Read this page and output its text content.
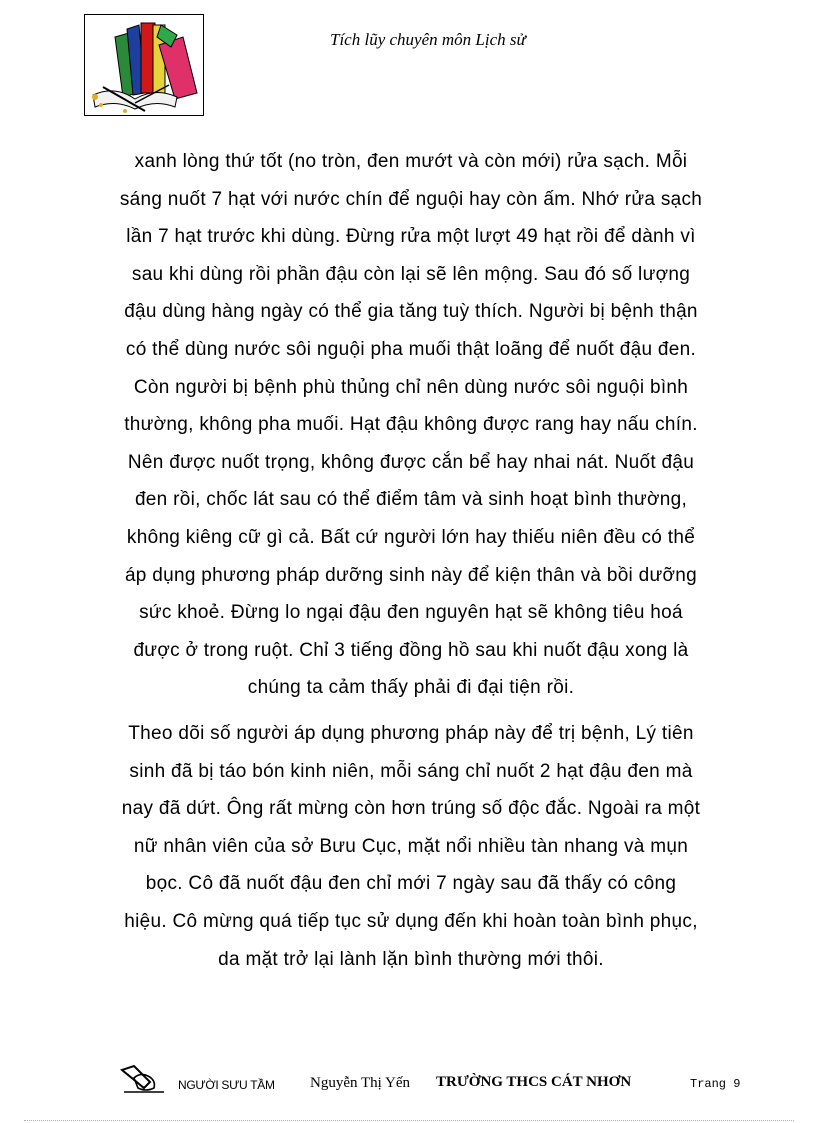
Tích lũy chuyên môn Lịch sử
xanh lòng thứ tốt (no tròn, đen mướt và còn mới) rửa sạch. Mỗi
sáng nuốt 7 hạt với nước chín để nguội hay còn ấm. Nhớ rửa sạch
lần 7 hạt trước khi dùng. Đừng rửa một lượt 49 hạt rồi để dành vì
sau khi dùng rồi phần đậu còn lại sẽ lên mộng. Sau đó số lượng
đậu dùng hàng ngày có thể gia tăng tuỳ thích. Người bị bệnh thận
có thể dùng nước sôi nguội pha muối thật loãng để nuốt đậu đen.
Còn người bị bệnh phù thủng chỉ nên dùng nước sôi nguội bình
thường, không pha muối. Hạt đậu không được rang hay nấu chín.
Nên được nuốt trọng, không được cắn bể hay nhai nát. Nuốt đậu
đen rồi, chốc lát sau có thể điểm tâm và sinh hoạt bình thường,
không kiêng cữ gì cả. Bất cứ người lớn hay thiếu niên đều có thể
áp dụng phương pháp dưỡng sinh này để kiện thân và bồi dưỡng
sức khoẻ. Đừng lo ngại đậu đen nguyên hạt sẽ không tiêu hoá
được ở trong ruột. Chỉ 3 tiếng đồng hồ sau khi nuốt đậu xong là
chúng ta cảm thấy phải đi đại tiện rồi.
Theo dõi số người áp dụng phương pháp này để trị bệnh, Lý tiên
sinh đã bị táo bón kinh niên, mỗi sáng chỉ nuốt 2 hạt đậu đen mà
nay đã dứt. Ông rất mừng còn hơn trúng số độc đắc. Ngoài ra một
nữ nhân viên của sở Bưu Cục, mặt nổi nhiều tàn nhang và mụn
bọc. Cô đã nuốt đậu đen chỉ mới 7 ngày sau đã thấy có công
hiệu. Cô mừng quá tiếp tục sử dụng đến khi hoàn toàn bình phục,
da mặt trở lại lành lặn bình thường mới thôi.
NGƯỜI SƯU TẦM Nguyễn Thị Yến TRƯỜNG THCS CÁT NHƠN	Trang 9
